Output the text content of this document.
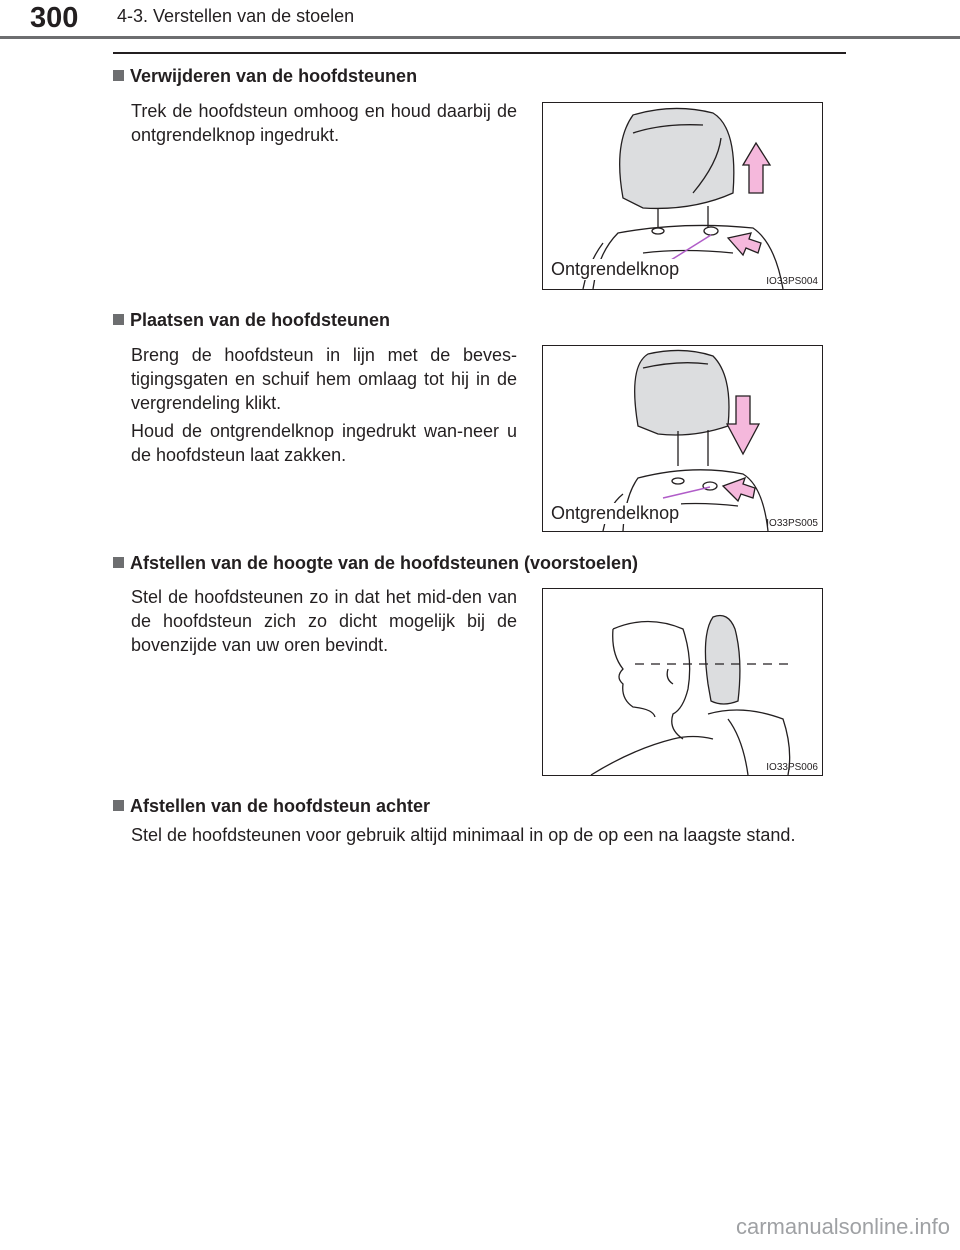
300 4-3. Verstellen van de stoelen
Verwijderen van de hoofdsteunen
Trek de hoofdsteun omhoog en houd daarbij de ontgrendelknop ingedrukt.
Ontgrendelknop
IO33PS004
Plaatsen van de hoofdsteunen
Breng de hoofdsteun in lijn met de beves-tigingsgaten en schuif hem omlaag tot hij in de vergrendeling klikt.
Houd de ontgrendelknop ingedrukt wan-neer u de hoofdsteun laat zakken.
Ontgrendelknop
IO33PS005
Afstellen van de hoogte van de hoofdsteunen (voorstoelen)
Stel de hoofdsteunen zo in dat het mid-den van de hoofdsteun zich zo dicht mogelijk bij de bovenzijde van uw oren bevindt.
IO33PS006
Afstellen van de hoofdsteun achter
Stel de hoofdsteunen voor gebruik altijd minimaal in op de op een na laagste stand.
carmanualsonline.info
